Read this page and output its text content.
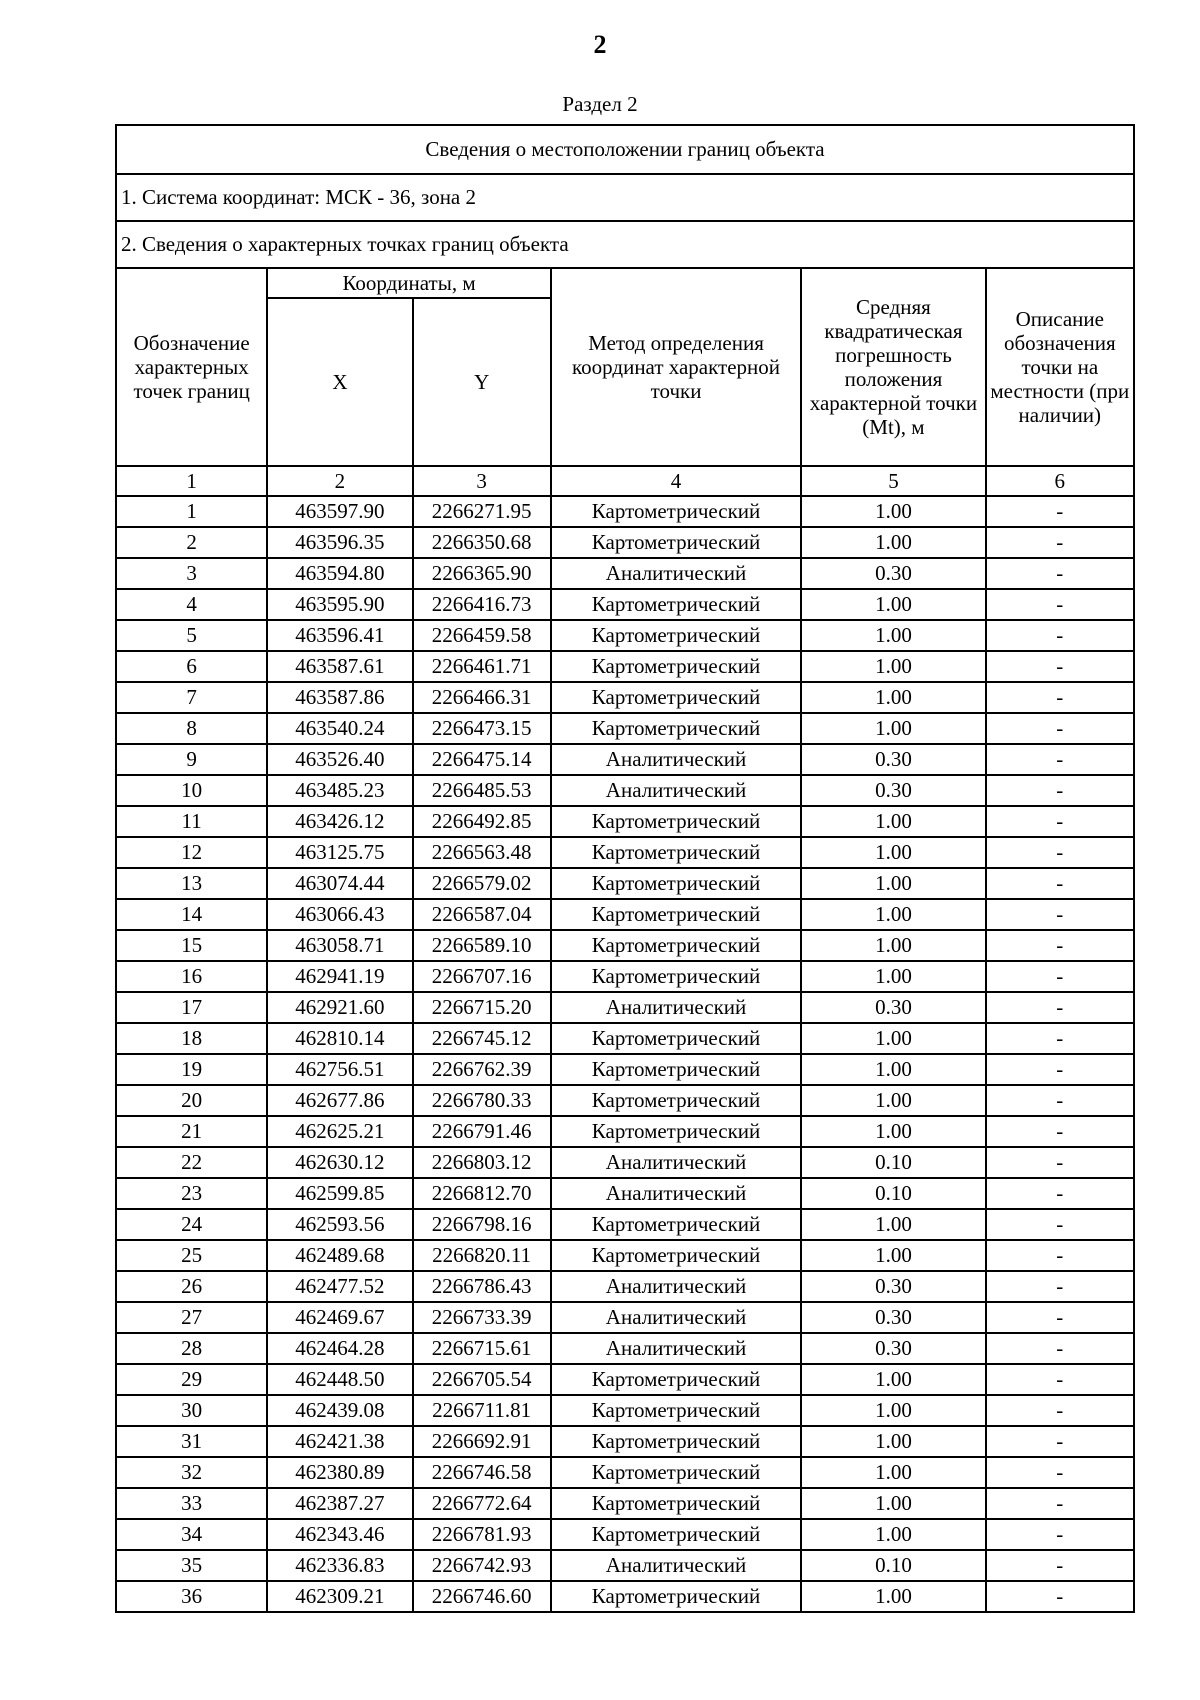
2
Раздел 2
Сведения о местоположении границ объекта					
1. Система координат: МСК - 36, зона 2					
2. Сведения о характерных точках границ объекта					
Обозначение характерных точек границ	Координаты, м		Метод определения координат характерной точки	Средняя квадратическая погрешность положения характерной точки (Mt), м	Описание обозначения точки на местности (при наличии)
	X	Y			
1	2	3	4	5	6
1	463597.90	2266271.95	Картометрический	1.00	-
2	463596.35	2266350.68	Картометрический	1.00	-
3	463594.80	2266365.90	Аналитический	0.30	-
4	463595.90	2266416.73	Картометрический	1.00	-
5	463596.41	2266459.58	Картометрический	1.00	-
6	463587.61	2266461.71	Картометрический	1.00	-
7	463587.86	2266466.31	Картометрический	1.00	-
8	463540.24	2266473.15	Картометрический	1.00	-
9	463526.40	2266475.14	Аналитический	0.30	-
10	463485.23	2266485.53	Аналитический	0.30	-
11	463426.12	2266492.85	Картометрический	1.00	-
12	463125.75	2266563.48	Картометрический	1.00	-
13	463074.44	2266579.02	Картометрический	1.00	-
14	463066.43	2266587.04	Картометрический	1.00	-
15	463058.71	2266589.10	Картометрический	1.00	-
16	462941.19	2266707.16	Картометрический	1.00	-
17	462921.60	2266715.20	Аналитический	0.30	-
18	462810.14	2266745.12	Картометрический	1.00	-
19	462756.51	2266762.39	Картометрический	1.00	-
20	462677.86	2266780.33	Картометрический	1.00	-
21	462625.21	2266791.46	Картометрический	1.00	-
22	462630.12	2266803.12	Аналитический	0.10	-
23	462599.85	2266812.70	Аналитический	0.10	-
24	462593.56	2266798.16	Картометрический	1.00	-
25	462489.68	2266820.11	Картометрический	1.00	-
26	462477.52	2266786.43	Аналитический	0.30	-
27	462469.67	2266733.39	Аналитический	0.30	-
28	462464.28	2266715.61	Аналитический	0.30	-
29	462448.50	2266705.54	Картометрический	1.00	-
30	462439.08	2266711.81	Картометрический	1.00	-
31	462421.38	2266692.91	Картометрический	1.00	-
32	462380.89	2266746.58	Картометрический	1.00	-
33	462387.27	2266772.64	Картометрический	1.00	-
34	462343.46	2266781.93	Картометрический	1.00	-
35	462336.83	2266742.93	Аналитический	0.10	-
36	462309.21	2266746.60	Картометрический	1.00	-
